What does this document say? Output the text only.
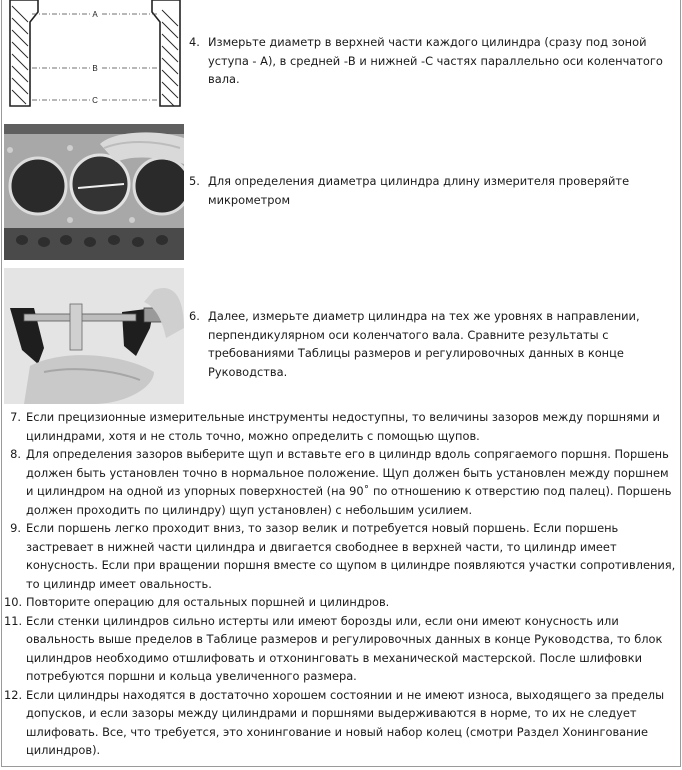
A
B
C
4. Измерьте диаметр в верхней части каждого цилиндра (сразу под зоной уступа - А), в средней -В и нижней -С частях параллельно оси коленчатого вала.
5. Для определения диаметра цилиндра длину измерителя проверяйте микрометром
6. Далее, измерьте диаметр цилиндра на тех же уровнях в направлении, перпендикулярном оси коленчатого вала. Сравните результаты с требованиями Таблицы размеров и регулировочных данных в конце Руководства.
7. Если прецизионные измерительные инструменты недоступны, то величины зазоров между поршнями и цилиндрами, хотя и не столь точно, можно определить с помощью щупов.
8. Для определения зазоров выберите щуп и вставьте его в цилиндр вдоль сопрягаемого поршня. Поршень должен быть установлен точно в нормальное положение. Щуп должен быть установлен между поршнем и цилиндром на одной из упорных поверхностей (на 90˚ по отношению к отверстию под палец). Поршень должен проходить по цилиндру) щуп установлен) с небольшим усилием.
9. Если поршень легко проходит вниз, то зазор велик и потребуется новый поршень. Если поршень застревает в нижней части цилиндра и двигается свободнее в верхней части, то цилиндр имеет конусность. Если при вращении поршня вместе со щупом в цилиндре появляются участки сопротивления, то цилиндр имеет овальность.
10. Повторите операцию для остальных поршней и цилиндров.
11. Если стенки цилиндров сильно истерты или имеют борозды или, если они имеют конусность или овальность выше пределов в Таблице размеров и регулировочных данных в конце Руководства, то блок цилиндров необходимо отшлифовать и отхонинговать в механической мастерской. После шлифовки потребуются поршни и кольца увеличенного размера.
12. Если цилиндры находятся в достаточно хорошем состоянии и не имеют износа, выходящего за пределы допусков, и если зазоры между цилиндрами и поршнями выдерживаются в норме, то их не следует шлифовать. Все, что требуется, это хонингование и новый набор колец (смотри Раздел Хонингование цилиндров).
